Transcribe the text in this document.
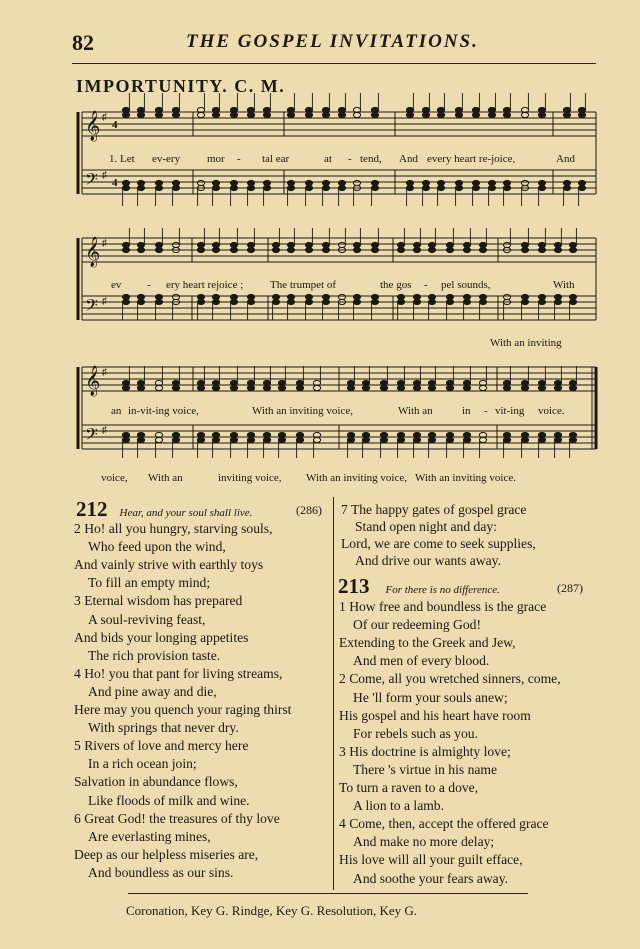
82	THE GOSPEL INVITATIONS.
IMPORTUNITY. C. M.
𝄞 ♯
4
𝄢 ♯
4
𝄞 ♯
𝄢 ♯
𝄞 ♯
𝄢 ♯
1. Let ev-ery mor - tal ear	at - tend, And every heart re-joice,	And
ev - ery heart rejoice ; The trumpet of	the gos - pel sounds,	With
With an inviting
an in-vit-ing voice,	With an inviting voice,	With an	in - vit-ing voice.
voice, With an	inviting voice, With an inviting voice, With an inviting voice.
212 Hear, and your soul shall live.	(286)
2 Ho! all you hungry, starving souls,
Who feed upon the wind,
And vainly strive with earthly toys
To fill an empty mind;
3 Eternal wisdom has prepared
A soul-reviving feast,
And bids your longing appetites
The rich provision taste.
4 Ho! you that pant for living streams,
And pine away and die,
Here may you quench your raging thirst
With springs that never dry.
5 Rivers of love and mercy here
In a rich ocean join;
Salvation in abundance flows,
Like floods of milk and wine.
6 Great God! the treasures of thy love
Are everlasting mines,
Deep as our helpless miseries are,
And boundless as our sins.
7 The happy gates of gospel grace
Stand open night and day:
Lord, we are come to seek supplies,
And drive our wants away.
213 For there is no difference.	(287)
1 How free and boundless is the grace
Of our redeeming God!
Extending to the Greek and Jew,
And men of every blood.
2 Come, all you wretched sinners, come,
He 'll form your souls anew;
His gospel and his heart have room
For rebels such as you.
3 His doctrine is almighty love;
There 's virtue in his name
To turn a raven to a dove,
A lion to a lamb.
4 Come, then, accept the offered grace
And make no more delay;
His love will all your guilt efface,
And soothe your fears away.
Coronation, Key G. Rindge, Key G. Resolution, Key G.
